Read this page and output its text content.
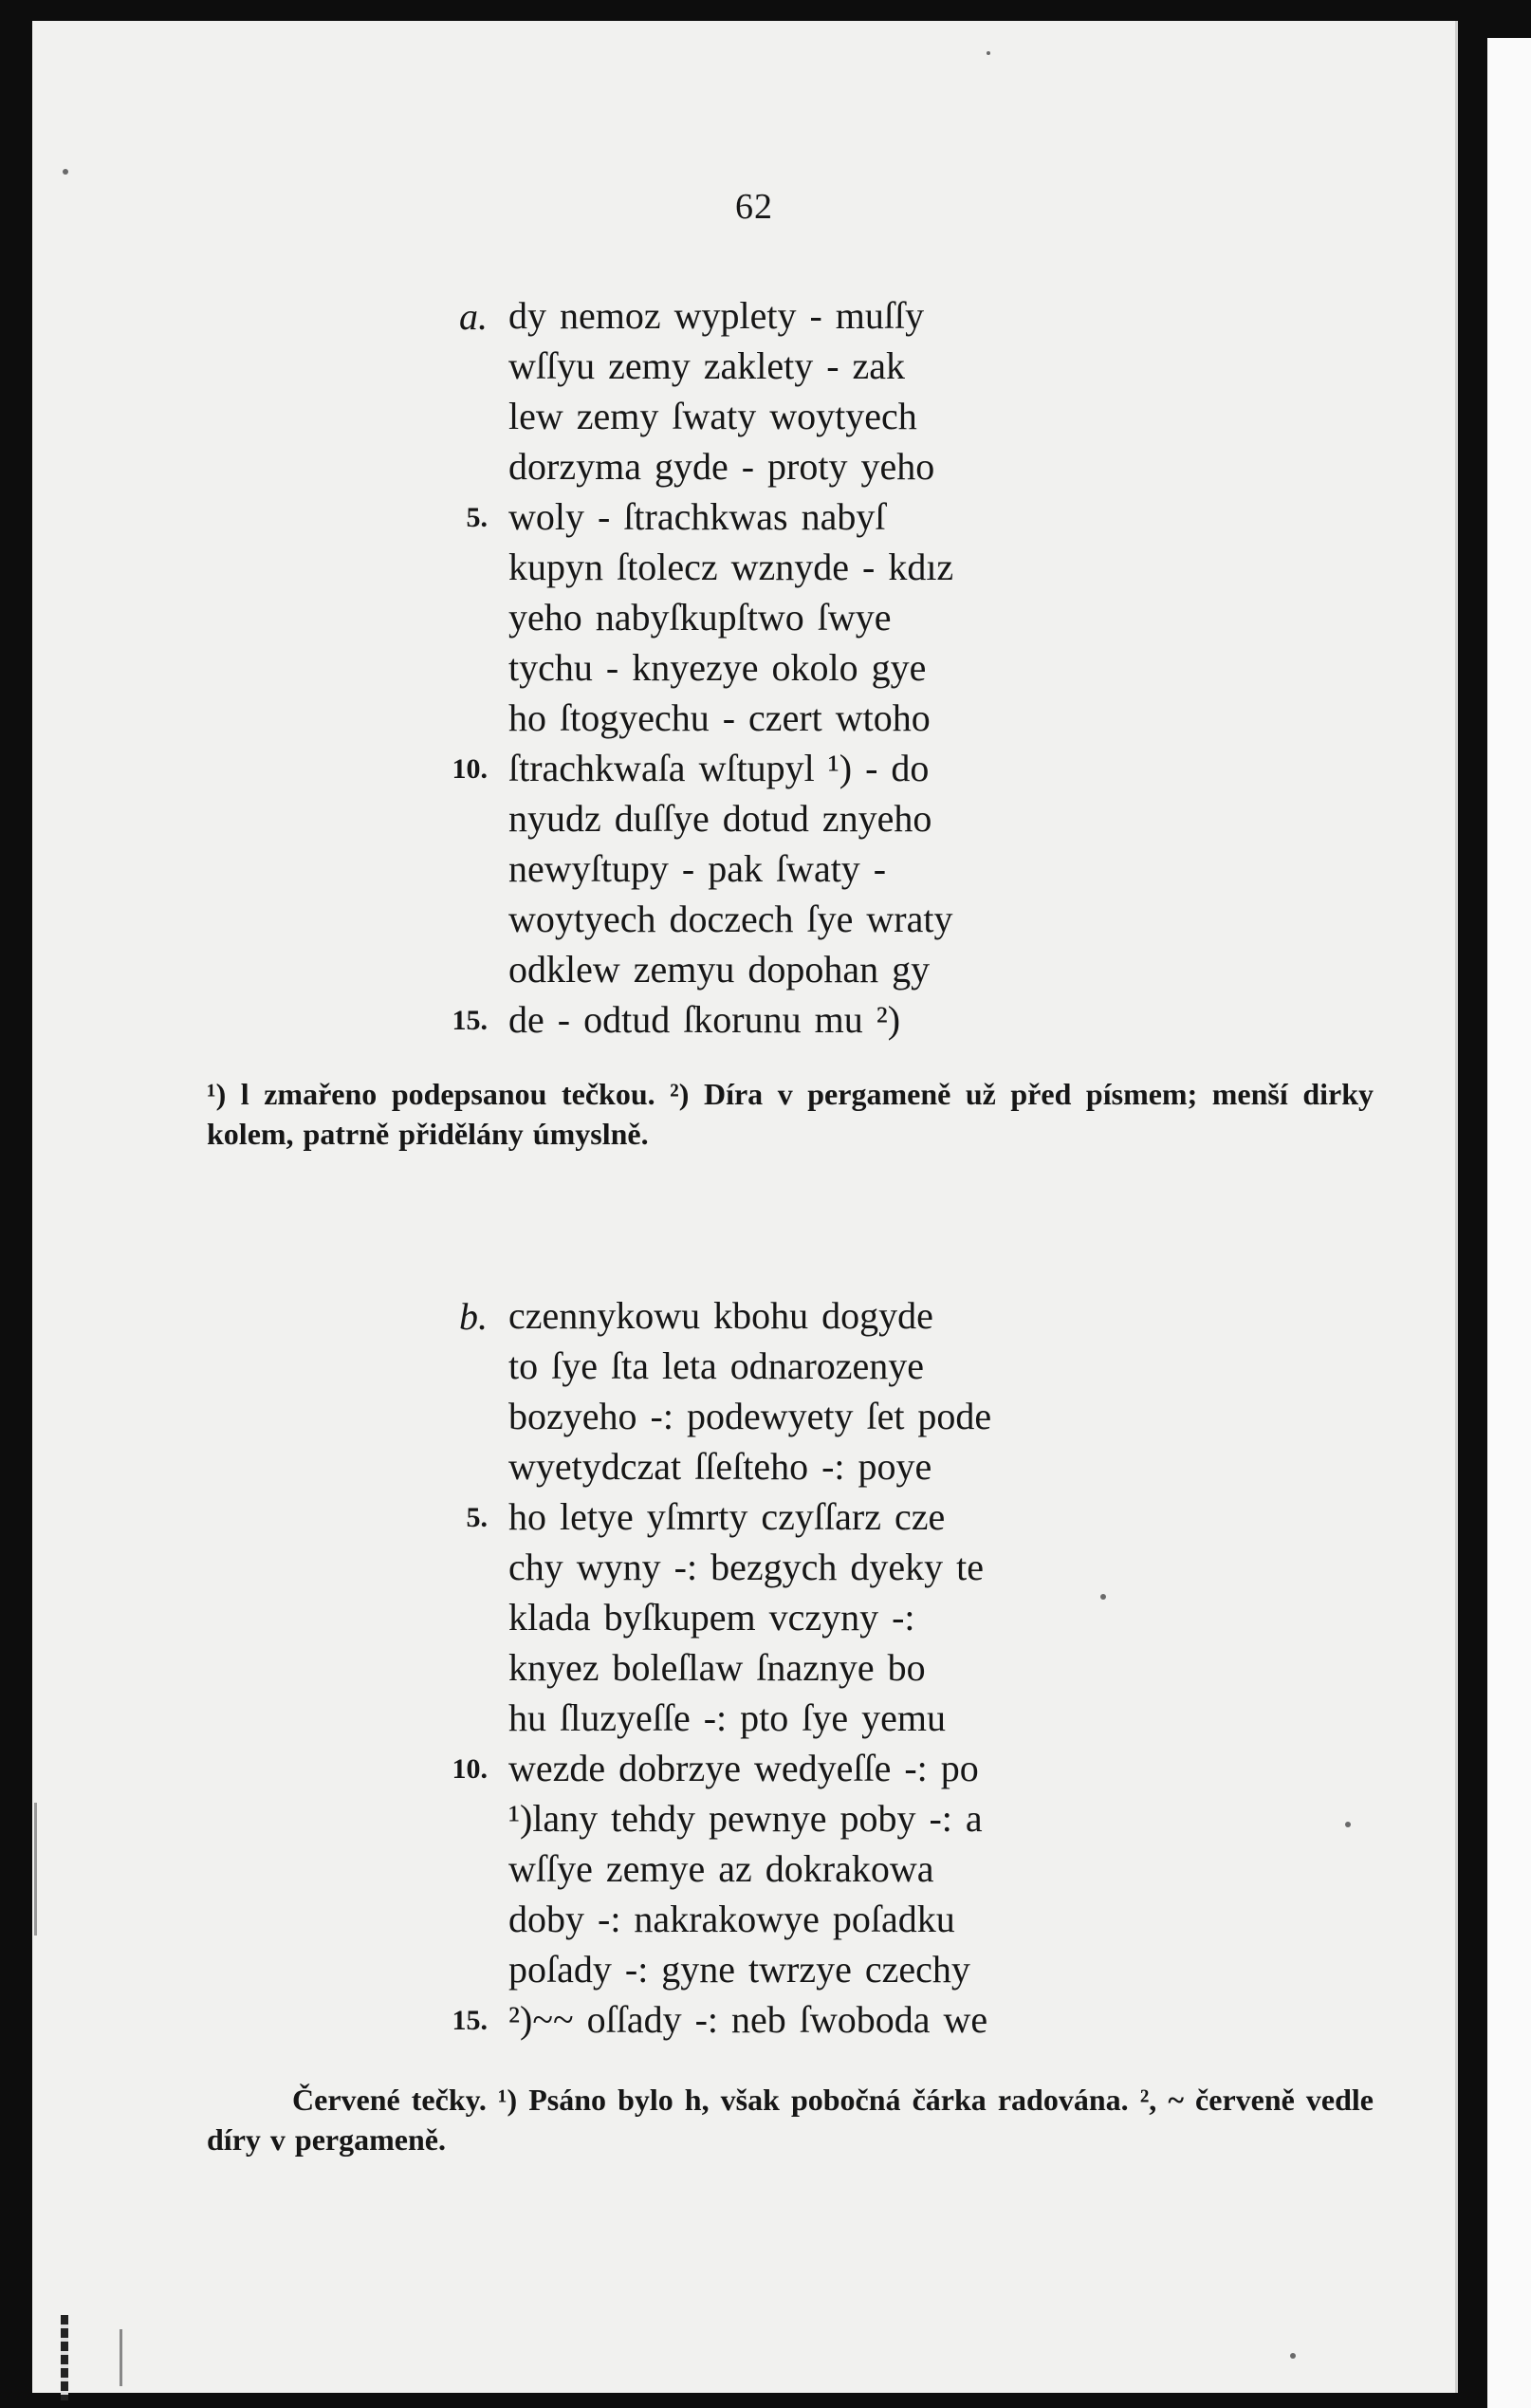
62
a. dy nemoz wyplety - muſſy
wſſyu zemy zaklety - zak
lew zemy ſwaty woytyech
dorzyma gyde - proty yeho
5. woly - ſtrachkwas nabyſ
kupyn ſtolecz wznyde - kdız
yeho nabyſkupſtwo ſwye
tychu - knyezye okolo gye
ho ſtogyechu - czert wtoho
10. ſtrachkwaſa wſtupyl ¹) - do
nyudz duſſye dotud znyeho
newyſtupy - pak ſwaty -
woytyech doczech ſye wraty
odklew zemyu dopohan gy
15. de - odtud ſkorunu mu ²)
¹) l zmařeno podepsanou tečkou. ²) Díra v pergameně už před písmem; menší dirky kolem, patrně přidělány úmyslně.
b. czennykowu kbohu dogyde
to ſye ſta leta odnarozenye
bozyeho -: podewyety ſet pode
wyetydczat ſſeſteho -: poye
5. ho letye yſmrty czyſſarz cze
chy wyny -: bezgych dyeky te
klada byſkupem vczyny -:
knyez boleſlaw ſnaznye bo
hu ſluzyeſſe -: pto ſye yemu
10. wezde dobrzye wedyeſſe -: po
¹)lany tehdy pewnye poby -: a
wſſye zemye az dokrakowa
doby -: nakrakowye poſadku
poſady -: gyne twrzye czechy
15. ²)~~ oſſady -: neb ſwoboda we
Červené tečky. ¹) Psáno bylo h, však pobočná čárka radována. ², ~ červeně vedle díry v pergameně.
